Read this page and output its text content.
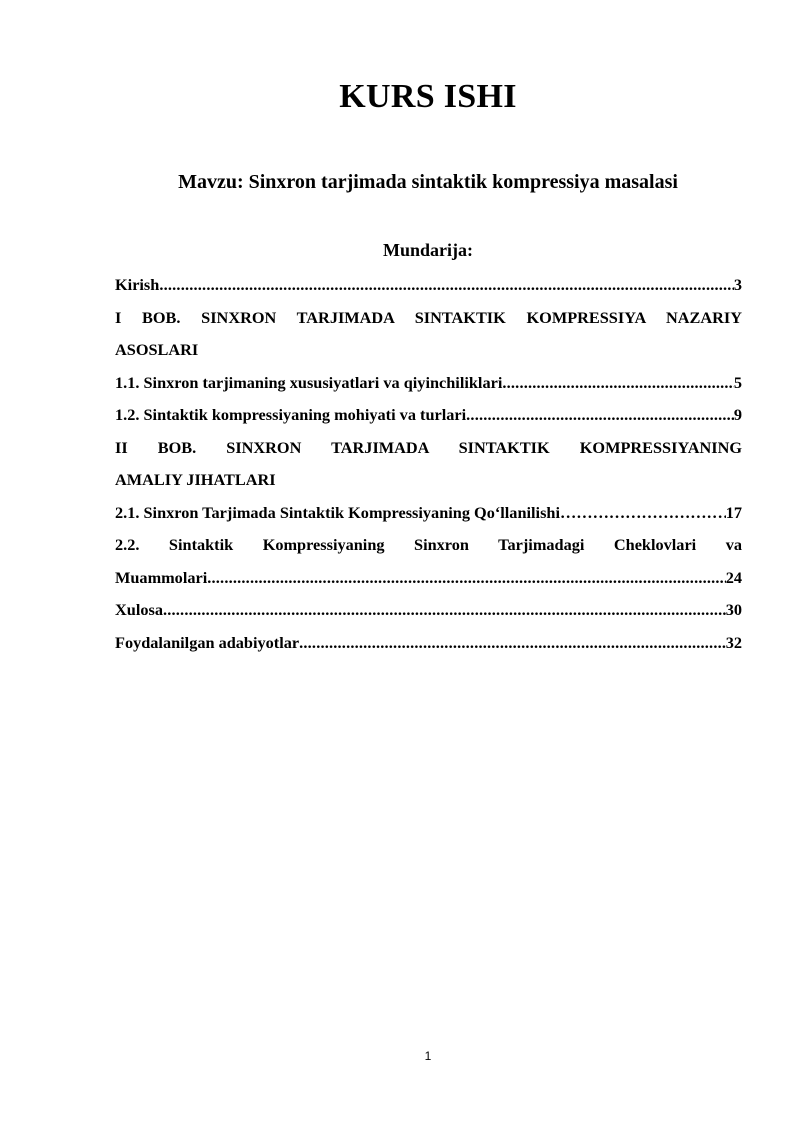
KURS ISHI
Mavzu: Sinxron tarjimada sintaktik kompressiya masalasi
Mundarija:
Kirish .....	3
I BOB. SINXRON TARJIMADA SINTAKTIK KOMPRESSIYA NAZARIY
ASOSLARI
1.1. Sinxron tarjimaning xususiyatlari va qiyinchiliklari .....	5
1.2. Sintaktik kompressiyaning mohiyati va turlari .....	9
II BOB. SINXRON TARJIMADA SINTAKTIK KOMPRESSIYANING
AMALIY JIHATLARI
2.1. Sinxron Tarjimada Sintaktik Kompressiyaning Qo‘llanilishi …………………………………………………………………………………………………………	17
2.2. Sintaktik Kompressiyaning Sinxron Tarjimadagi Cheklovlari va
Muammolari .....	24
Xulosa .....	30
Foydalanilgan adabiyotlar .....	32
1
